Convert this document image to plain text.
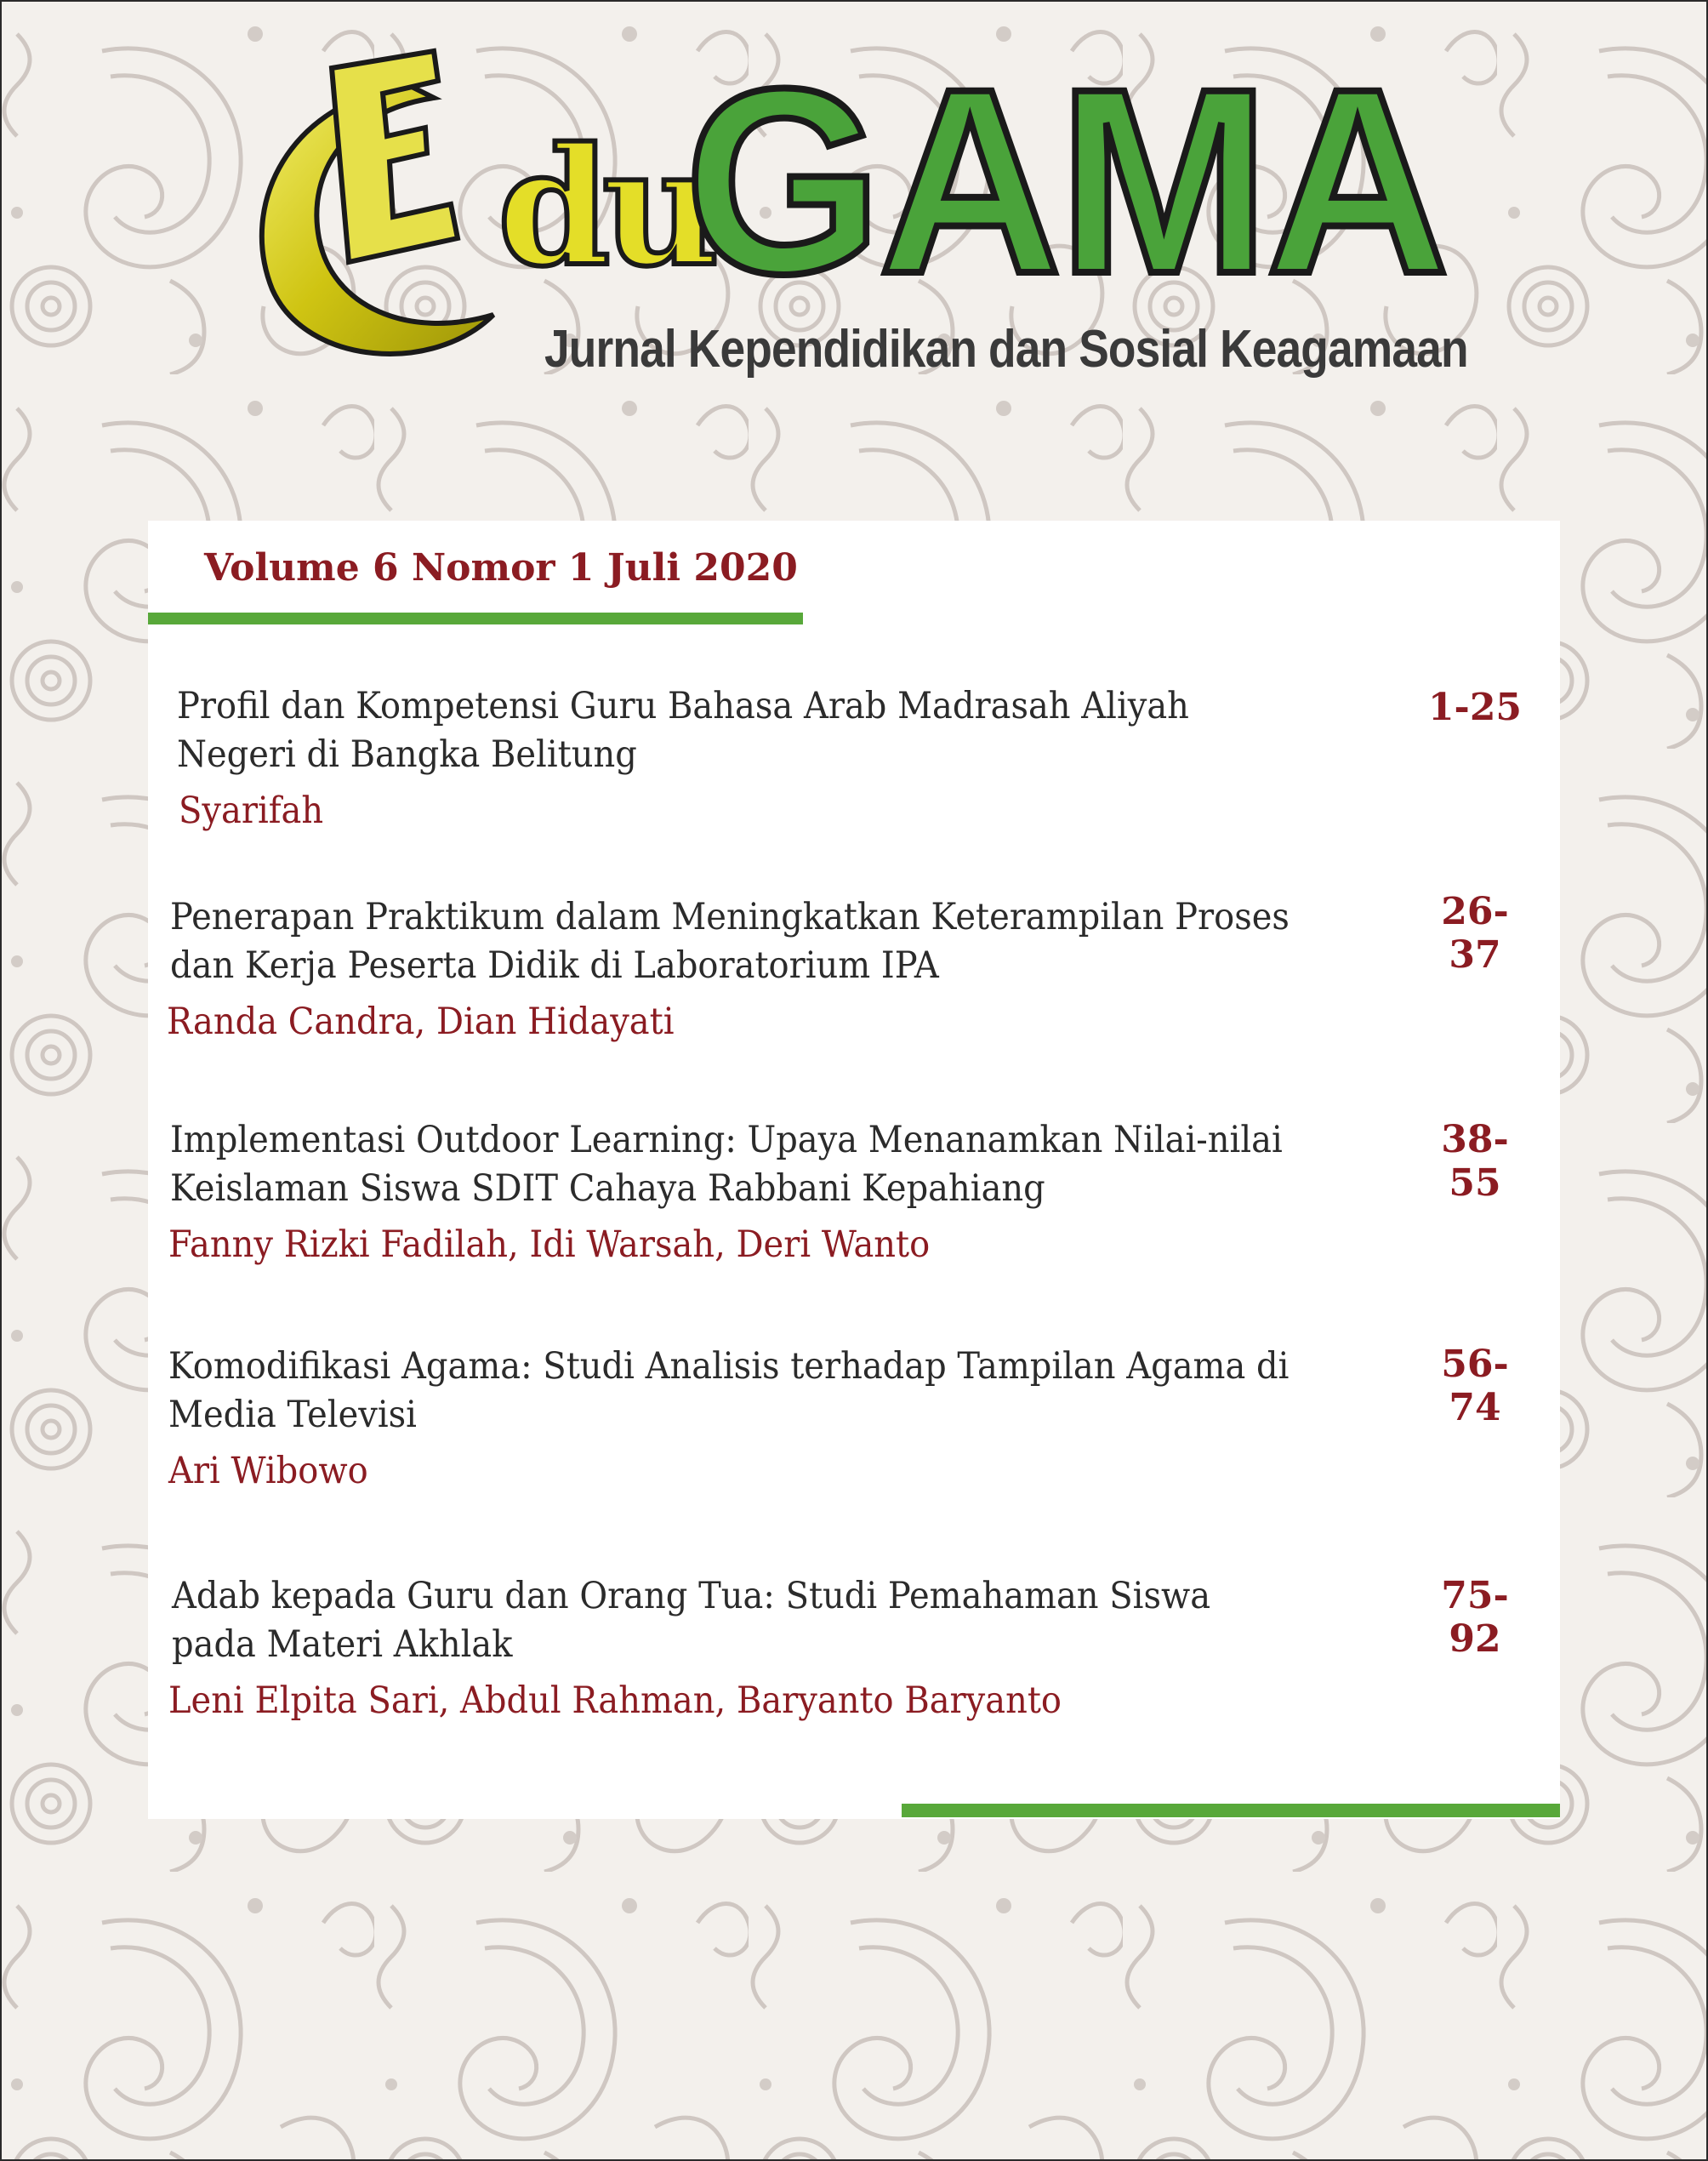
du
GAMA
Jurnal Kependidikan dan Sosial Keagamaan
Volume 6 Nomor 1 Juli 2020
Profil dan Kompetensi Guru Bahasa Arab Madrasah Aliyah Negeri di Bangka Belitung
Syarifah
1-25
Penerapan Praktikum dalam Meningkatkan Keterampilan Proses dan Kerja Peserta Didik di Laboratorium IPA
Randa Candra, Dian Hidayati
26-37
Implementasi Outdoor Learning: Upaya Menanamkan Nilai-nilai Keislaman Siswa SDIT Cahaya Rabbani Kepahiang
Fanny Rizki Fadilah, Idi Warsah, Deri Wanto
38-55
Komodifikasi Agama: Studi Analisis terhadap Tampilan Agama di Media Televisi
Ari Wibowo
56-74
Adab kepada Guru dan Orang Tua: Studi Pemahaman Siswa pada Materi Akhlak
Leni Elpita Sari, Abdul Rahman, Baryanto Baryanto
75-92
